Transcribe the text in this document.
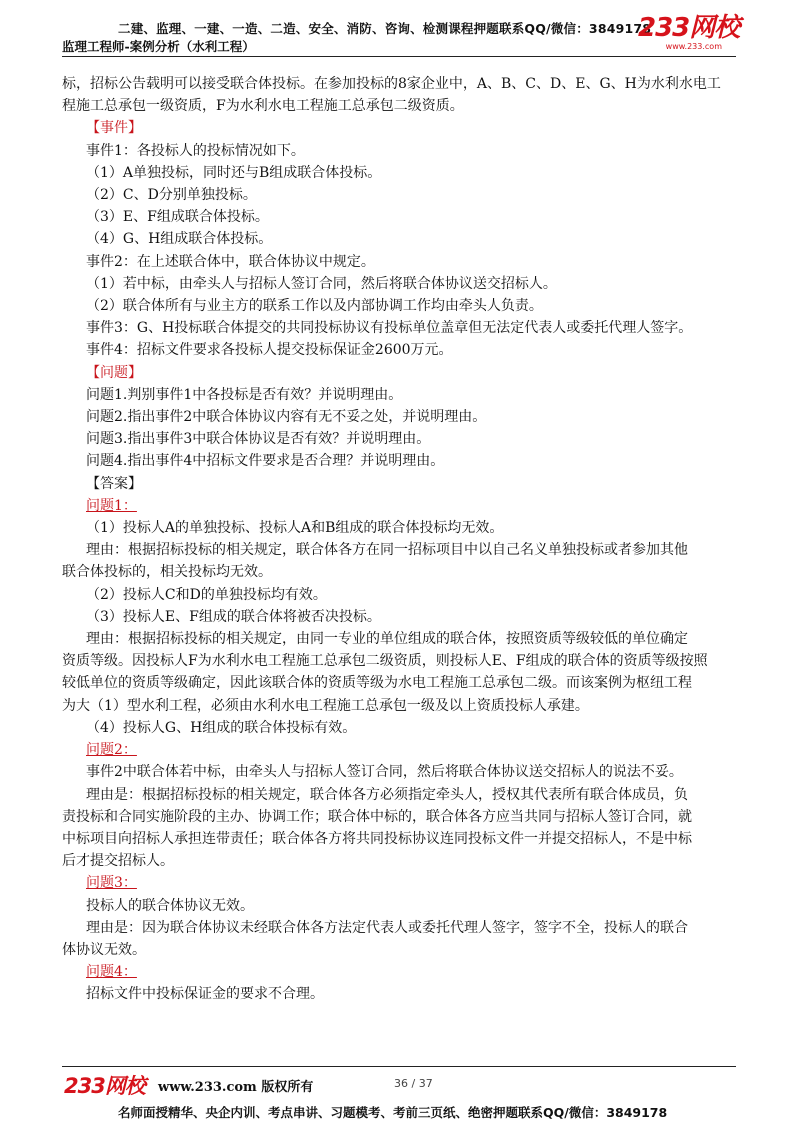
二建、监理、一建、一造、二造、安全、消防、咨询、检测课程押题联系QQ/微信：3849178
监理工程师-案例分析（水利工程）
233网校
www.233.com
标，招标公告载明可以接受联合体投标。在参加投标的8家企业中，A、B、C、D、E、G、H为水利水电工
程施工总承包一级资质，F为水利水电工程施工总承包二级资质。
【事件】
事件1：各投标人的投标情况如下。
（1）A单独投标，同时还与B组成联合体投标。
（2）C、D分别单独投标。
（3）E、F组成联合体投标。
（4）G、H组成联合体投标。
事件2：在上述联合体中，联合体协议中规定。
（1）若中标，由牵头人与招标人签订合同，然后将联合体协议送交招标人。
（2）联合体所有与业主方的联系工作以及内部协调工作均由牵头人负责。
事件3：G、H投标联合体提交的共同投标协议有投标单位盖章但无法定代表人或委托代理人签字。
事件4：招标文件要求各投标人提交投标保证金2600万元。
【问题】
问题1.判别事件1中各投标是否有效？并说明理由。
问题2.指出事件2中联合体协议内容有无不妥之处，并说明理由。
问题3.指出事件3中联合体协议是否有效？并说明理由。
问题4.指出事件4中招标文件要求是否合理？并说明理由。
【答案】
问题1：
（1）投标人A的单独投标、投标人A和B组成的联合体投标均无效。
理由：根据招标投标的相关规定，联合体各方在同一招标项目中以自己名义单独投标或者参加其他
联合体投标的，相关投标均无效。
（2）投标人C和D的单独投标均有效。
（3）投标人E、F组成的联合体将被否决投标。
理由：根据招标投标的相关规定，由同一专业的单位组成的联合体，按照资质等级较低的单位确定
资质等级。因投标人F为水利水电工程施工总承包二级资质，则投标人E、F组成的联合体的资质等级按照
较低单位的资质等级确定，因此该联合体的资质等级为水电工程施工总承包二级。而该案例为枢纽工程
为大（1）型水利工程，必须由水利水电工程施工总承包一级及以上资质投标人承建。
（4）投标人G、H组成的联合体投标有效。
问题2：
事件2中联合体若中标，由牵头人与招标人签订合同，然后将联合体协议送交招标人的说法不妥。
理由是：根据招标投标的相关规定，联合体各方必须指定牵头人，授权其代表所有联合体成员，负
责投标和合同实施阶段的主办、协调工作；联合体中标的，联合体各方应当共同与招标人签订合同，就
中标项目向招标人承担连带责任；联合体各方将共同投标协议连同投标文件一并提交招标人，不是中标
后才提交招标人。
问题3：
投标人的联合体协议无效。
理由是：因为联合体协议未经联合体各方法定代表人或委托代理人签字，签字不全，投标人的联合
体协议无效。
问题4：
招标文件中投标保证金的要求不合理。
233网校 www.233.com 版权所有	36 / 37
名师面授精华、央企内训、考点串讲、习题模考、考前三页纸、绝密押题联系QQ/微信：3849178
